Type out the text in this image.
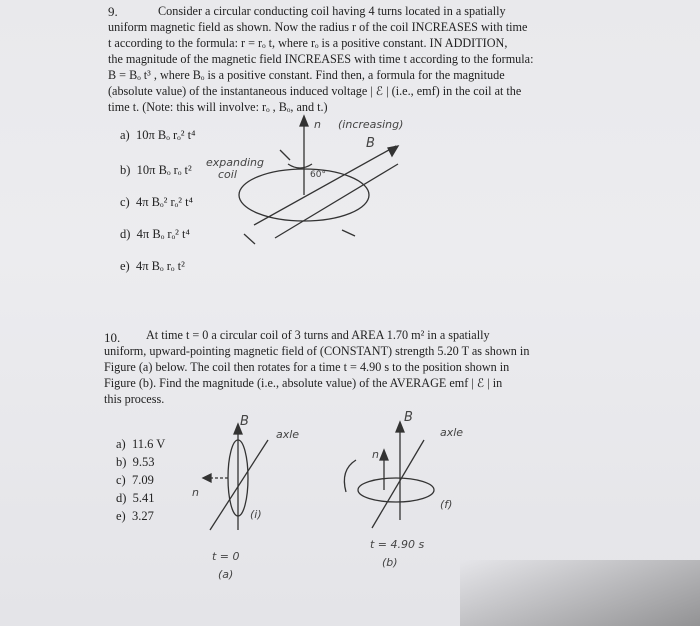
9.	Consider a circular conducting coil having 4 turns located in a spatially
uniform magnetic field as shown. Now the radius r of the coil INCREASES with time
t according to the formula: r = rₒ t, where rₒ is a positive constant. IN ADDITION,
the magnitude of the magnetic field INCREASES with time t according to the formula:
B = Bₒ t³ , where Bₒ is a positive constant. Find then, a formula for the magnitude
(absolute value) of the instantaneous induced voltage | ℰ | (i.e., emf) in the coil at the
time t. (Note: this will involve: rₒ , Bₒ, and t.)
a) 10π Bₒ rₒ² t⁴
b) 10π Bₒ rₒ t²
c) 4π Bₒ² rₒ² t⁴
d) 4π Bₒ rₒ² t⁴
e) 4π Bₒ rₒ t²
n (increasing)
B
expanding
coil	60°
10. At time t = 0 a circular coil of 3 turns and AREA 1.70 m² in a spatially
uniform, upward-pointing magnetic field of (CONSTANT) strength 5.20 T as shown in
Figure (a) below. The coil then rotates for a time t = 4.90 s to the position shown in
Figure (b). Find the magnitude (i.e., absolute value) of the AVERAGE emf | ℰ | in
this process.
a) 11.6 V
b) 9.53
c) 7.09
d) 5.41
e) 3.27
B
axle
n
(i)
t = 0
(a)
B
axle
n
(f)
t = 4.90 s
(b)
